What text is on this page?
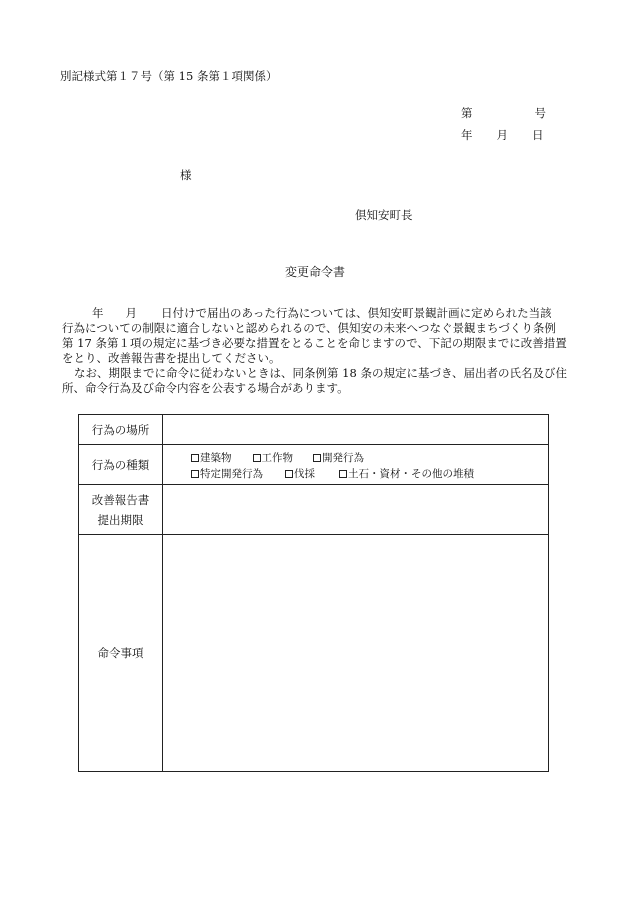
別記様式第１７号（第 15 条第１項関係）
第	号
年 月 日
様
倶知安町長
変更命令書
年 月 日付けで届出のあった行為については、倶知安町景観計画に定められた当該
行為についての制限に適合しないと認められるので、倶知安の未来へつなぐ景観まちづくり条例
第 17 条第１項の規定に基づき必要な措置をとることを命じますので、下記の期限までに改善措置
をとり、改善報告書を提出してください。
なお、期限までに命令に従わないときは、同条例第 18 条の規定に基づき、届出者の氏名及び住
所、命令行為及び命令内容を公表する場合があります。
行為の場所
行為の種類	建築物	工作物	開発行為
特定開発行為	伐採	土石・資材・その他の堆積
改善報告書
提出期限
命令事項
